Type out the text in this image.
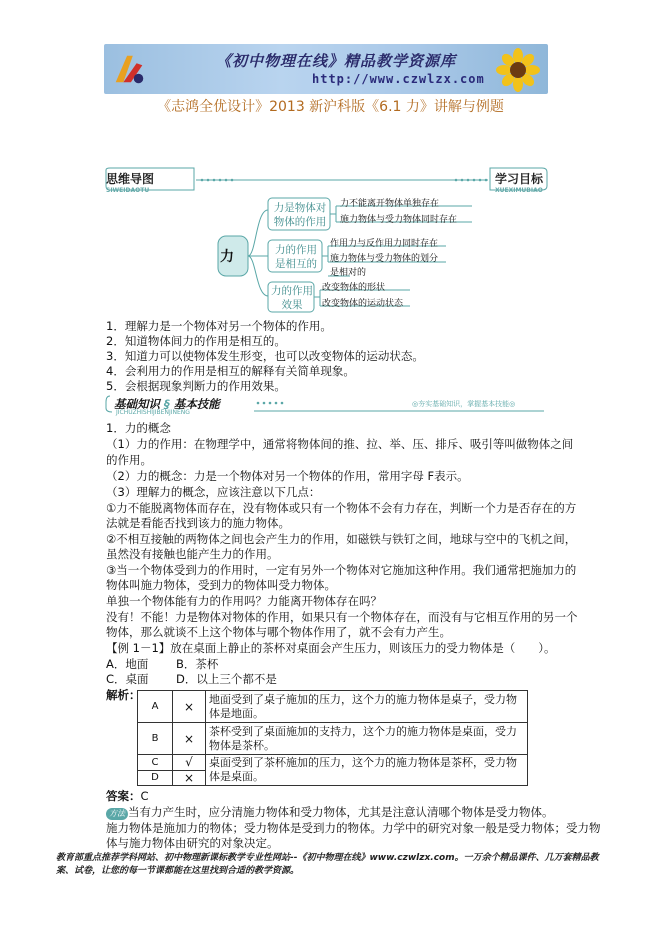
《初中物理在线》精品教学资源库
http://www.czwlzx.com
《志鸿全优设计》2013 新沪科版《6.1 力》讲解与例题
思维导图
SIWEIDAOTU
学习目标
XUEXIMUBIAO
力
力是物体对物体的作用
力的作用是相互的
力的作用效果
力不能离开物体单独存在
施力物体与受力物体同时存在
作用力与反作用力同时存在
施力物体与受力物体的划分是相对的
改变物体的形状
改变物体的运动状态
1．理解力是一个物体对另一个物体的作用。
2．知道物体间力的作用是相互的。
3．知道力可以使物体发生形变，也可以改变物体的运动状态。
4．会利用力的作用是相互的解释有关简单现象。
5．会根据现象判断力的作用效果。
基础知识 § 基本技能
JICHUZHISHIJIBENJINENG
◎夯实基础知识，掌握基本技能◎
1．力的概念
（1）力的作用：在物理学中，通常将物体间的推、拉、举、压、排斥、吸引等叫做物体之间
的作用。
（2）力的概念：力是一个物体对另一个物体的作用，常用字母 F表示。
（3）理解力的概念，应该注意以下几点：
①力不能脱离物体而存在，没有物体或只有一个物体不会有力存在，判断一个力是否存在的方
法就是看能否找到该力的施力物体。
②不相互接触的两物体之间也会产生力的作用，如磁铁与铁钉之间，地球与空中的飞机之间，
虽然没有接触也能产生力的作用。
③当一个物体受到力的作用时，一定有另外一个物体对它施加这种作用。我们通常把施加力的
物体叫施力物体，受到力的物体叫受力物体。
单独一个物体能有力的作用吗？力能离开物体存在吗？
没有！不能！力是物体对物体的作用，如果只有一个物体存在，而没有与它相互作用的另一个
物体，那么就谈不上这个物体与哪个物体作用了，就不会有力产生。
【例 1－1】放在桌面上静止的茶杯对桌面会产生压力，则该压力的受力物体是（　　）。
A．地面 B．茶杯
C．桌面 D．以上三个都不是
解析：
A	×	地面受到了桌子施加的压力，这个力的施力物体是桌子，受力物体是地面。
B	×	茶杯受到了桌面施加的支持力，这个力的施力物体是桌面，受力物体是茶杯。
C	√	桌面受到了茶杯施加的压力，这个力的施力物体是茶杯，受力物体是桌面。
D	×	
答案：C
方法 当有力产生时，应分清施力物体和受力物体，尤其是注意认清哪个物体是受力物体。
施力物体是施加力的物体；受力物体是受到力的物体。力学中的研究对象一般是受力物体；受力物
体与施力物体由研究的对象决定。
教育部重点推荐学科网站、初中物理新课标教学专业性网站--《初中物理在线》www.czwlzx.com。一万余个精品课件、几万套精品教案、试卷，让您的每一节课都能在这里找到合适的教学资源。
